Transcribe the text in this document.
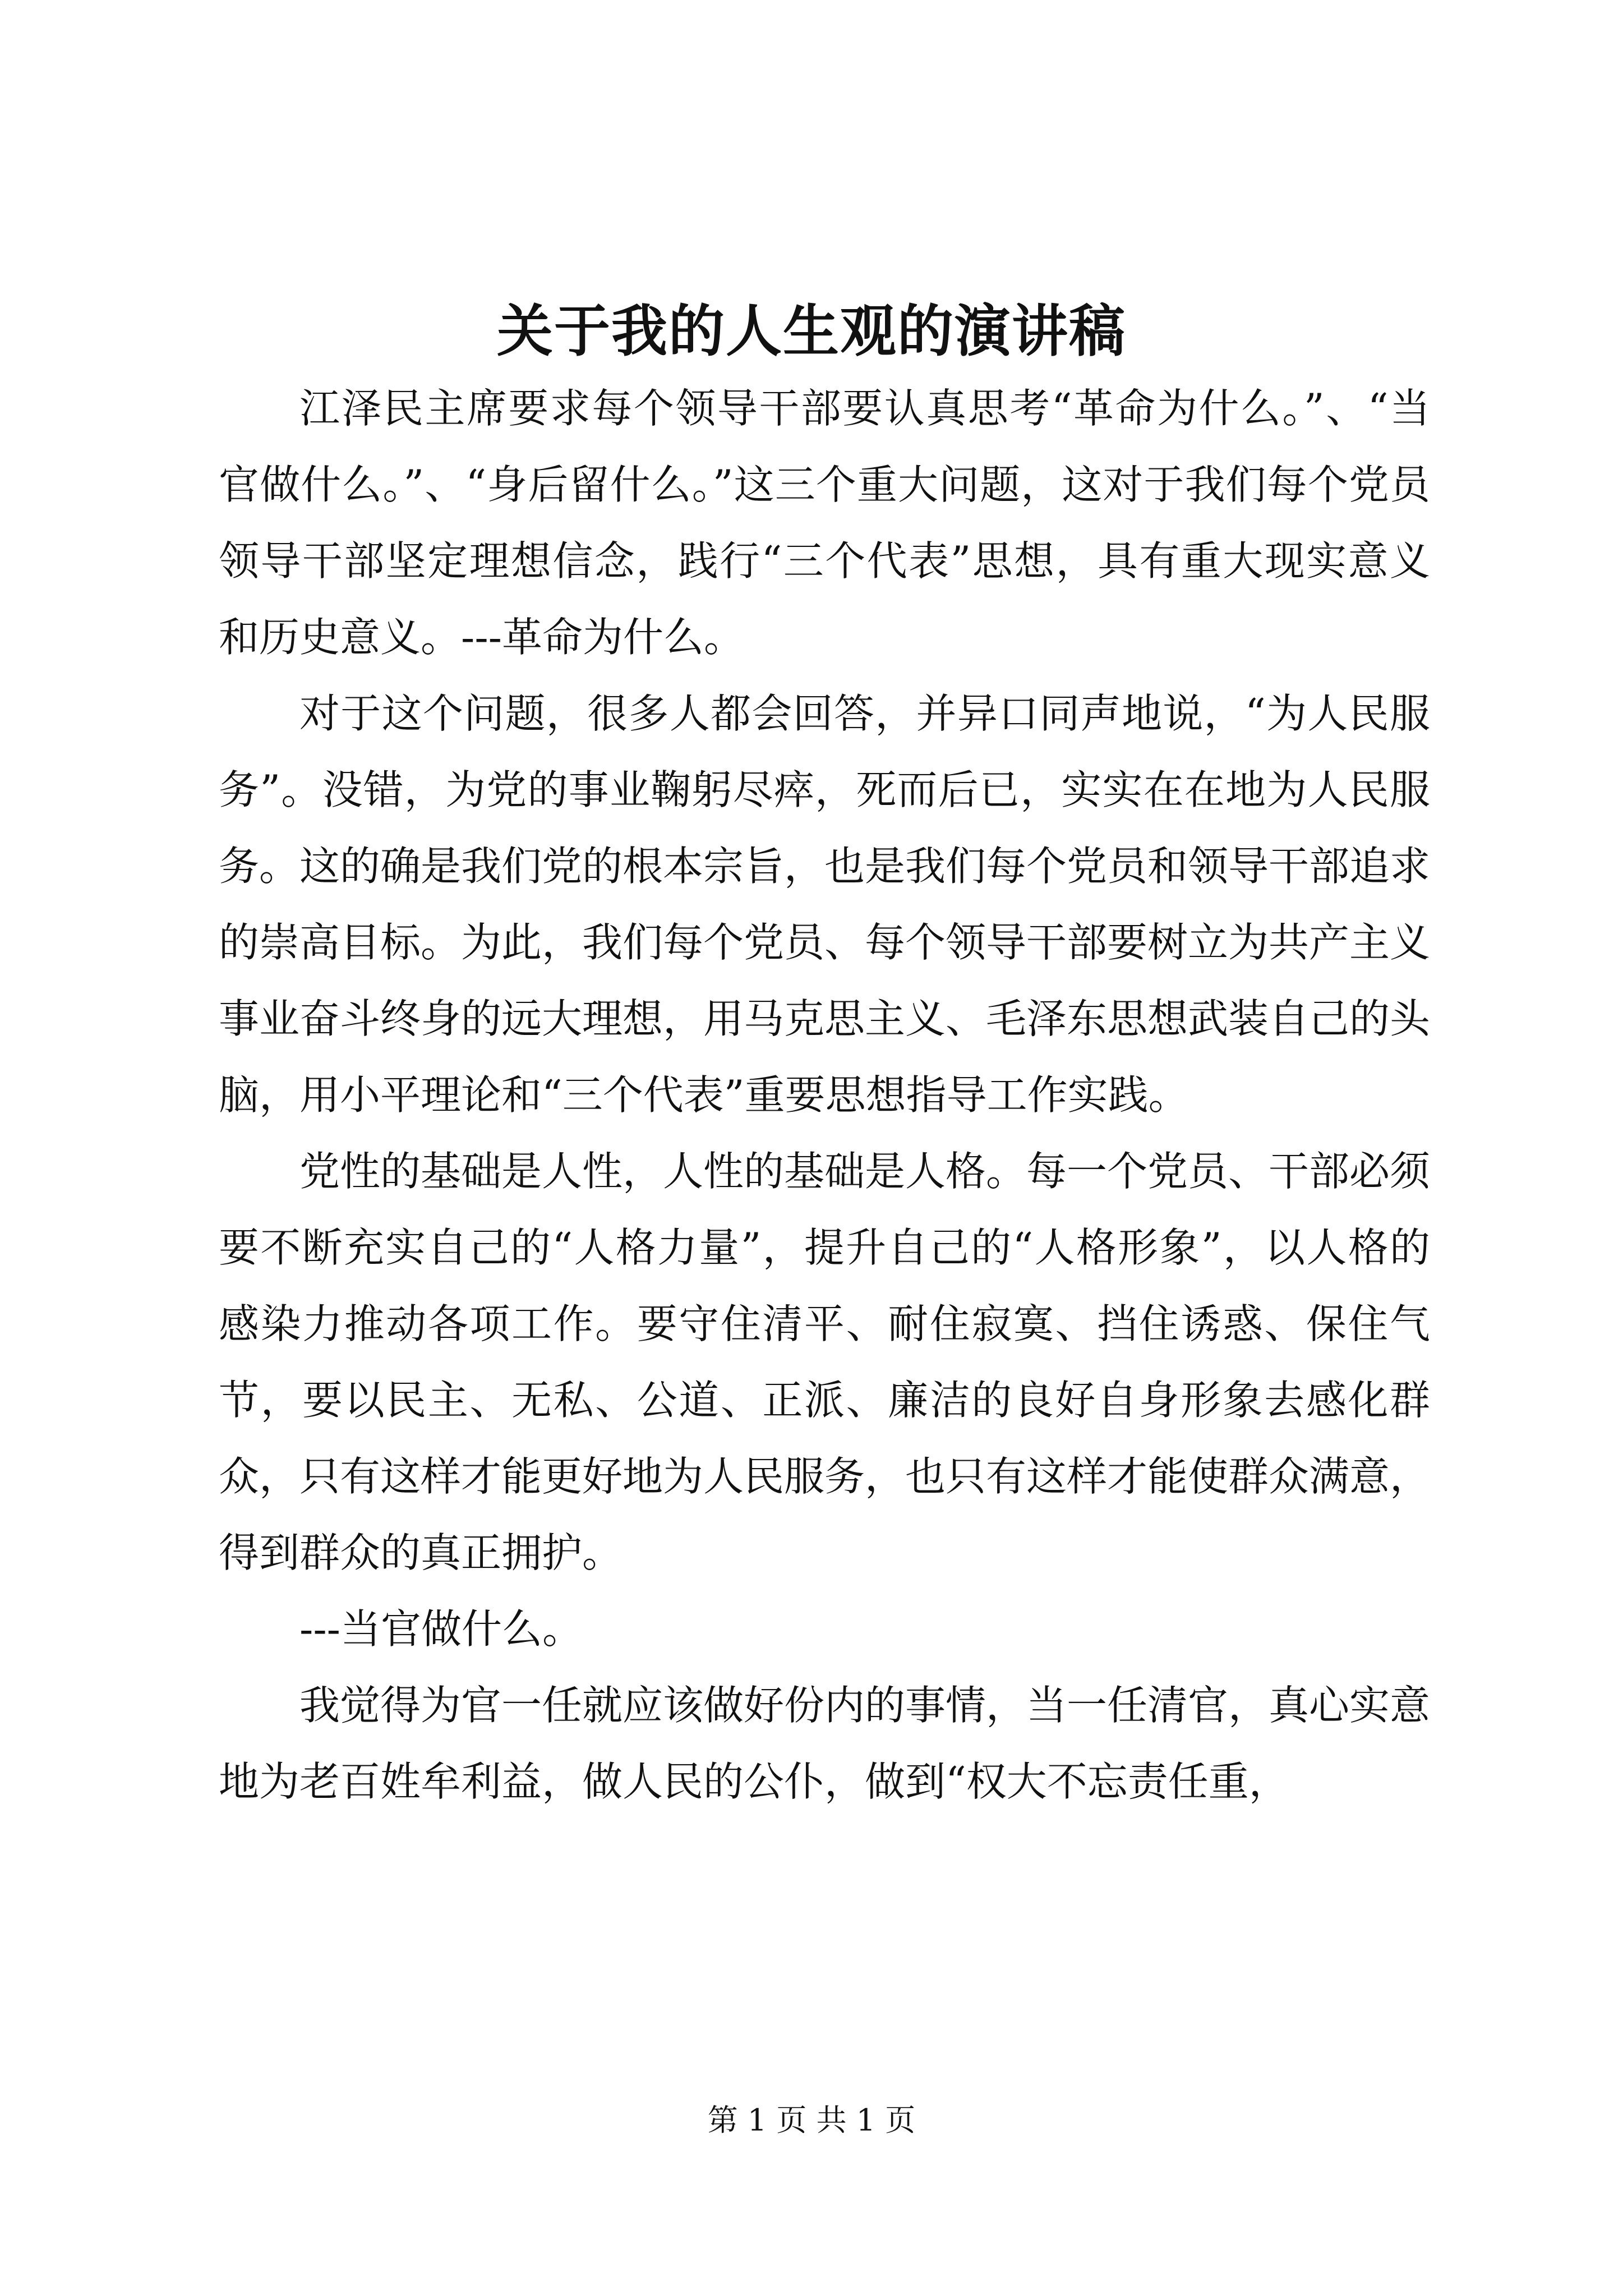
关于我的人生观的演讲稿

江泽民主席要求每个领导干部要认真思考“革命为什么。”、“当官做什么。”、“身后留什么。”这三个重大问题，这对于我们每个党员领导干部坚定理想信念，践行“三个代表”思想，具有重大现实意义和历史意义。---革命为什么。

对于这个问题，很多人都会回答，并异口同声地说，“为人民服务”。没错，为党的事业鞠躬尽瘁，死而后已，实实在在地为人民服务。这的确是我们党的根本宗旨，也是我们每个党员和领导干部追求的崇高目标。为此，我们每个党员、每个领导干部要树立为共产主义事业奋斗终身的远大理想，用马克思主义、毛泽东思想武装自己的头脑，用小平理论和“三个代表”重要思想指导工作实践。

党性的基础是人性，人性的基础是人格。每一个党员、干部必须要不断充实自己的“人格力量”，提升自己的“人格形象”，以人格的感染力推动各项工作。要守住清平、耐住寂寞、挡住诱惑、保住气节，要以民主、无私、公道、正派、廉洁的良好自身形象去感化群众，只有这样才能更好地为人民服务，也只有这样才能使群众满意，得到群众的真正拥护。

---当官做什么。

我觉得为官一任就应该做好份内的事情，当一任清官，真心实意地为老百姓牟利益，做人民的公仆，做到“权大不忘责任重，

第 1 页 共 1 页
